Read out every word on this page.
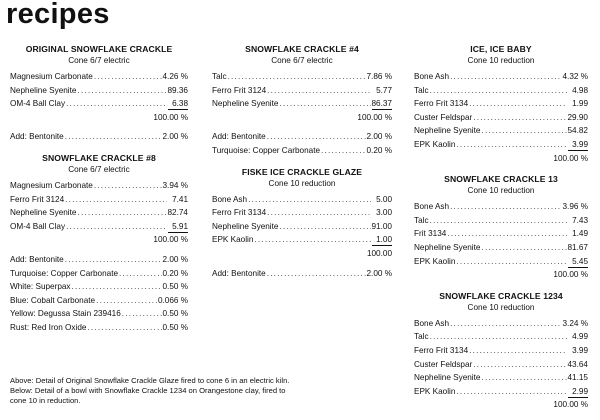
recipes
ORIGINAL SNOWFLAKE CRACKLE
Cone 6/7 electric
Magnesium Carbonate .....	4.26 %
Nepheline Syenite .....	89.36
OM-4 Ball Clay .....	6.38
100.00 %
Add: Bentonite .....	2.00 %
SNOWFLAKE CRACKLE #8
Cone 6/7 electric
Magnesium Carbonate .....	3.94 %
Ferro Frit 3124 .....	7.41
Nepheline Syenite .....	82.74
OM-4 Ball Clay .....	5.91
100.00 %
Add: Bentonite .....	2.00 %
Turquoise: Copper Carbonate .....	0.20 %
White: Superpax .....	0.50 %
Blue: Cobalt Carbonate .....	0.066 %
Yellow: Degussa Stain 239416 .....	0.50 %
Rust: Red Iron Oxide .....	0.50 %
SNOWFLAKE CRACKLE #4
Cone 6/7 electric
Talc .....	7.86 %
Ferro Frit 3124 .....	5.77
Nepheline Syenite .....	86.37
100.00 %
Add: Bentonite .....	2.00 %
Turquoise: Copper Carbonate .....	0.20 %
FISKE ICE CRACKLE GLAZE
Cone 10 reduction
Bone Ash .....	5.00
Ferro Frit 3134 .....	3.00
Nepheline Syenite .....	91.00
EPK Kaolin .....	1.00
100.00
Add: Bentonite .....	2.00 %
ICE, ICE BABY
Cone 10 reduction
Bone Ash .....	4.32 %
Talc .....	4.98
Ferro Frit 3134 .....	1.99
Custer Feldspar .....	29.90
Nepheline Syenite .....	54.82
EPK Kaolin .....	3.99
100.00 %
SNOWFLAKE CRACKLE 13
Cone 10 reduction
Bone Ash .....	3.96 %
Talc .....	7.43
Frit 3134 .....	1.49
Nepheline Syenite .....	81.67
EPK Kaolin .....	5.45
100.00 %
SNOWFLAKE CRACKLE 1234
Cone 10 reduction
Bone Ash .....	3.24 %
Talc .....	4.99
Ferro Frit 3134 .....	3.99
Custer Feldspar .....	43.64
Nepheline Syenite .....	41.15
EPK Kaolin .....	2.99
100.00 %
Above: Detail of Original Snowflake Crackle Glaze fired to cone 6 in an electric kiln.
Below: Detail of a bowl with Snowflake Crackle 1234 on Orangestone clay, fired to
cone 10 in reduction.
